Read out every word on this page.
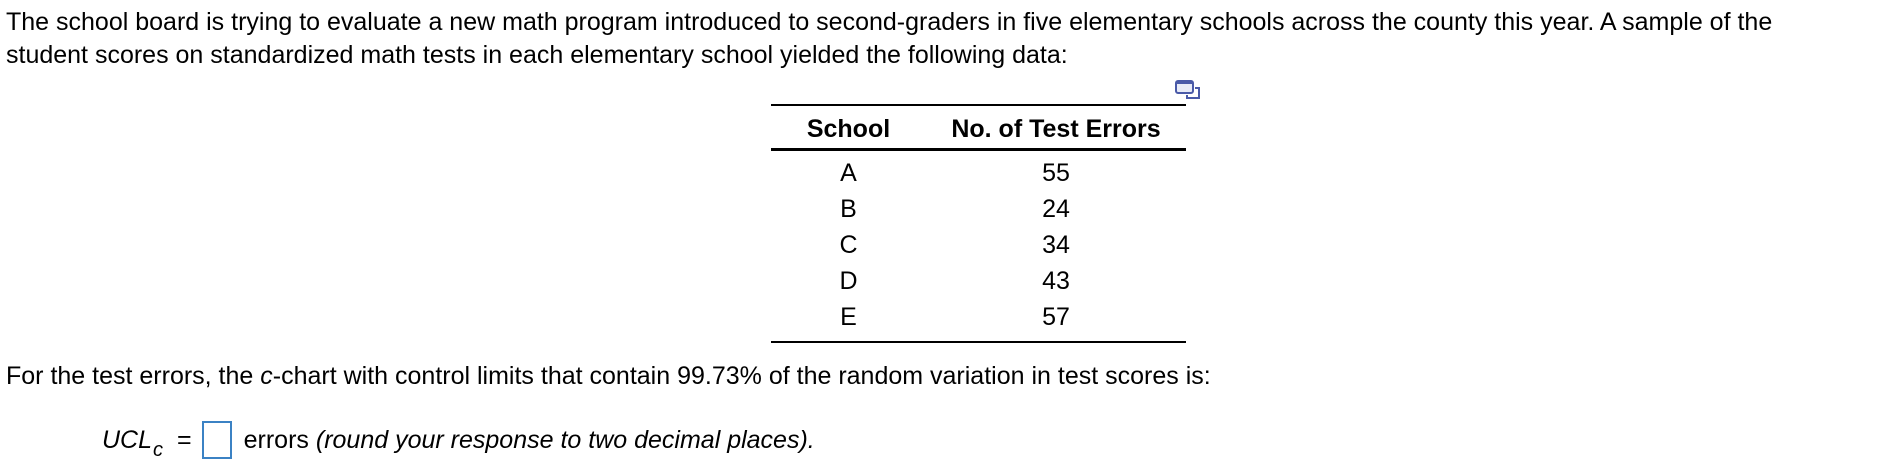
The school board is trying to evaluate a new math program introduced to second-graders in five elementary schools across the county this year. A sample of the
student scores on standardized math tests in each elementary school yielded the following data:

School	No. of Test Errors
A	55
B	24
C	34
D	43
E	57

For the test errors, the c-chart with control limits that contain 99.73% of the random variation in test scores is:

UCL c = errors
(round your response to two decimal places).
